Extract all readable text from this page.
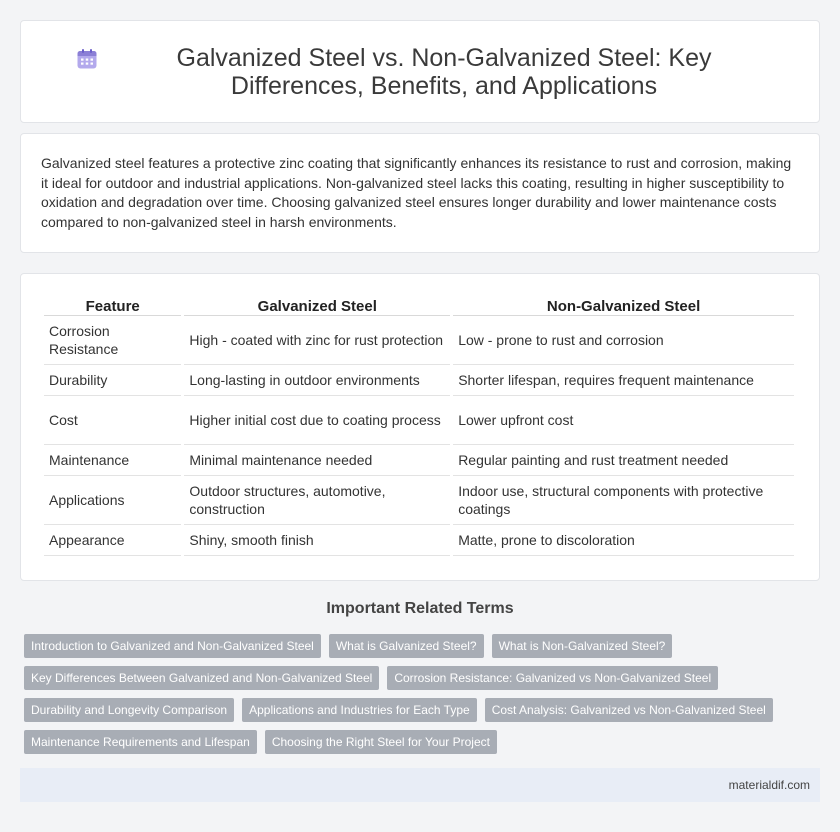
Galvanized Steel vs. Non-Galvanized Steel: Key Differences, Benefits, and Applications

Galvanized steel features a protective zinc coating that significantly enhances its resistance to rust and corrosion, making it ideal for outdoor and industrial applications. Non-galvanized steel lacks this coating, resulting in higher susceptibility to oxidation and degradation over time. Choosing galvanized steel ensures longer durability and lower maintenance costs compared to non-galvanized steel in harsh environments.

Feature	Galvanized Steel	Non-Galvanized Steel
Corrosion Resistance	High - coated with zinc for rust protection	Low - prone to rust and corrosion
Durability	Long-lasting in outdoor environments	Shorter lifespan, requires frequent maintenance
Cost	Higher initial cost due to coating process	Lower upfront cost
Maintenance	Minimal maintenance needed	Regular painting and rust treatment needed
Applications	Outdoor structures, automotive, construction	Indoor use, structural components with protective coatings
Appearance	Shiny, smooth finish	Matte, prone to discoloration
Important Related Terms
Introduction to Galvanized and Non-Galvanized Steel	What is Galvanized Steel?	What is Non-Galvanized Steel?
Key Differences Between Galvanized and Non-Galvanized Steel	Corrosion Resistance: Galvanized vs Non-Galvanized Steel
Durability and Longevity Comparison	Applications and Industries for Each Type	Cost Analysis: Galvanized vs Non-Galvanized Steel
Maintenance Requirements and Lifespan	Choosing the Right Steel for Your Project
materialdif.com
